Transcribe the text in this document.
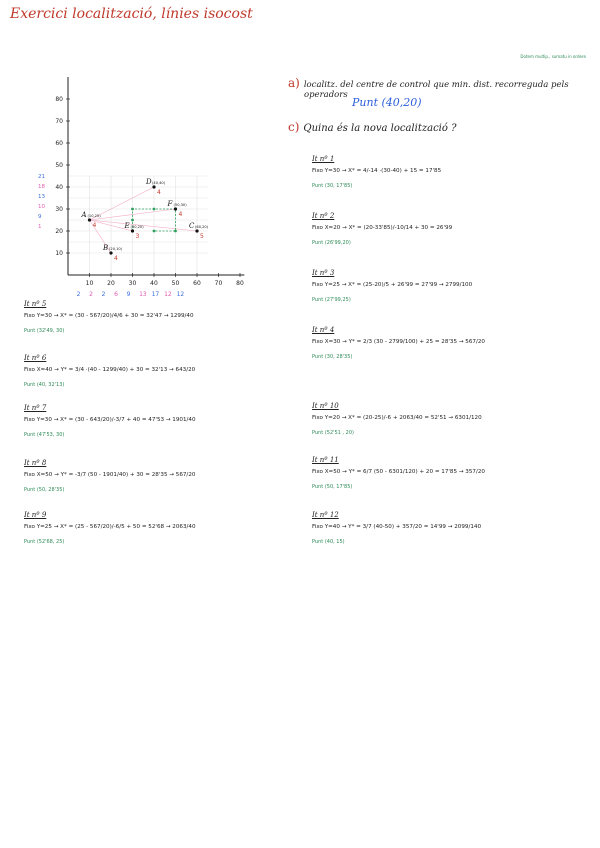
Exercici localització, línies isocost
Dotem multip., sumatu in ordere
a) localitz. del centre de control que min. dist. recorreguda pels
operadors
Punt (40,20)
c) Quina és la nova localització ?
10 20 30 40 50 60 70 80
10
20
30
40
50
60
70
80
A (10,25)
4
B (20,10)
4
C (60,20)
5
D (40,40)
4
E (30,20)
3
F (50,30)
4
2 2 2 6 9 13 17 12 12
21
18
13
10
9
1
It nº 1
Fixo Y=30 → X* = 4/-14 ·(30-40) + 15 = 17'85
Punt (30, 17'85)
It nº 2
Fixo X=20 → X* = (20-33'85)/-10/14 + 30 = 26'99
Punt (26'99,20)
It nº 3
Fixo Y=25 → X* = (25-20)/5 + 26'99 = 27'99 → 2799/100
Punt (27'99,25)
It nº 4
Fixo X=30 → Y* = 2/3 (30 - 2799/100) + 25 = 28'35 → 567/20
Punt (30, 28'35)
It nº 10
Fixo Y=20 → X* = (20-25)/-6 + 2063/40 = 52'51 → 6301/120
Punt (52'51 , 20)
It nº 11
Fixo X=50 → Y* = 6/7 (50 - 6301/120) + 20 = 17'85 → 357/20
Punt (50, 17'85)
It nº 12
Fixo Y=40 → Y* = 3/7 (40-50) + 357/20 = 14'99 → 2099/140
Punt (40, 15)
It nº 5
Fixo Y=30 → X* = (30 - 567/20)/4/6 + 30 = 32'47 → 1299/40
Punt (32'49, 30)
It nº 6
Fixo X=40 → Y* = 3/4 ·(40 - 1299/40) + 30 = 32'13 → 643/20
Punt (40, 32'13)
It nº 7
Fixo Y=30 → X* = (30 - 643/20)/-3/7 + 40 = 47'53 → 1901/40
Punt (47'53, 30)
It nº 8
Fixo X=50 → Y* = -3/7 (50 - 1901/40) + 30 = 28'35 → 567/20
Punt (50, 28'35)
It nº 9
Fixo Y=25 → X* = (25 - 567/20)/-6/5 + 50 = 52'68 → 2063/40
Punt (52'68, 25)
